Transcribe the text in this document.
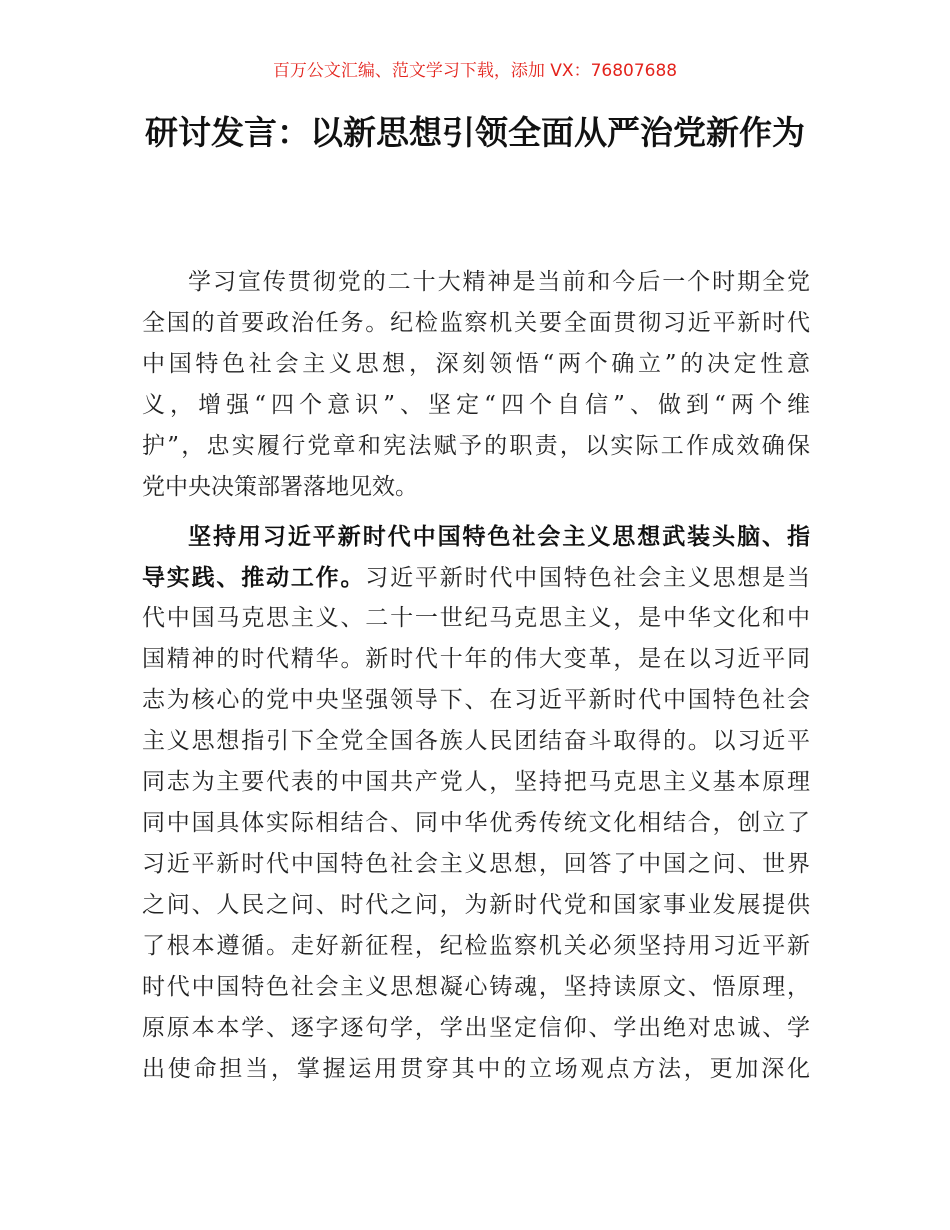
百万公文汇编、范文学习下载，添加 VX：76807688
研讨发言：以新思想引领全面从严治党新作为
学习宣传贯彻党的二十大精神是当前和今后一个时期全党
全国的首要政治任务。纪检监察机关要全面贯彻习近平新时代
中国特色社会主义思想，深刻领悟“两个确立”的决定性意
义，增强“四个意识”、坚定“四个自信”、做到“两个维
护”，忠实履行党章和宪法赋予的职责，以实际工作成效确保
党中央决策部署落地见效。
坚持用习近平新时代中国特色社会主义思想武装头脑、指
导实践、推动工作。习近平新时代中国特色社会主义思想是当
代中国马克思主义、二十一世纪马克思主义，是中华文化和中
国精神的时代精华。新时代十年的伟大变革，是在以习近平同
志为核心的党中央坚强领导下、在习近平新时代中国特色社会
主义思想指引下全党全国各族人民团结奋斗取得的。以习近平
同志为主要代表的中国共产党人，坚持把马克思主义基本原理
同中国具体实际相结合、同中华优秀传统文化相结合，创立了
习近平新时代中国特色社会主义思想，回答了中国之问、世界
之问、人民之问、时代之问，为新时代党和国家事业发展提供
了根本遵循。走好新征程，纪检监察机关必须坚持用习近平新
时代中国特色社会主义思想凝心铸魂，坚持读原文、悟原理，
原原本本学、逐字逐句学，学出坚定信仰、学出绝对忠诚、学
出使命担当，掌握运用贯穿其中的立场观点方法，更加深化
